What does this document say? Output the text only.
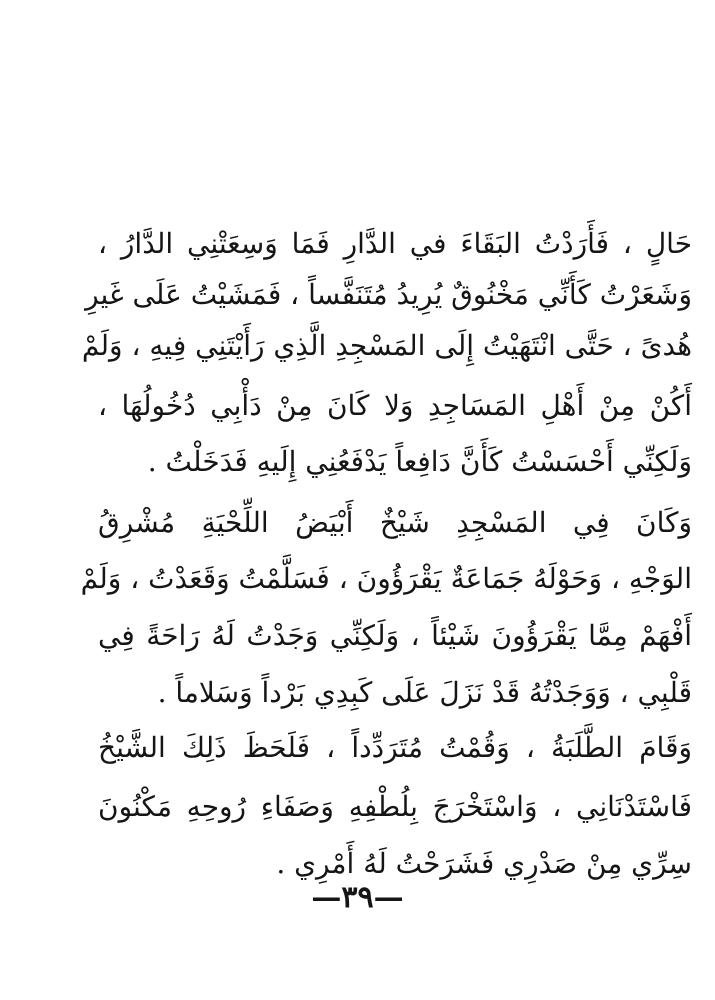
حَالٍ ، فَأَرَدْتُ البَقَاءَ في الدَّارِ فَمَا وَسِعَتْنِي الدَّارُ ،
وَشَعَرْتُ كَأَنِّي مَخْنُوقٌ يُرِيدُ مُتَنَفَّساً ، فَمَشَيْتُ عَلَى غَيرِ
هُدىً ، حَتَّى انْتَهَيْتُ إِلَى المَسْجِدِ الَّذِي رَأَيْتَنِي فِيهِ ، وَلَمْ
أَكُنْ مِنْ أَهْلِ المَسَاجِدِ وَلا كَانَ مِنْ دَأْبِي دُخُولُهَا ،
وَلَكِنِّي أَحْسَسْتُ كَأَنَّ دَافِعاً يَدْفَعُنِي إِلَيهِ فَدَخَلْتُ .
وَكَانَ فِي المَسْجِدِ شَيْخٌ أَبْيَضُ اللِّحْيَةِ مُشْرِقُ
الوَجْهِ ، وَحَوْلَهُ جَمَاعَةٌ يَقْرَؤُونَ ، فَسَلَّمْتُ وَقَعَدْتُ ، وَلَمْ
أَفْهَمْ مِمَّا يَقْرَؤُونَ شَيْئاً ، وَلَكِنِّي وَجَدْتُ لَهُ رَاحَةً فِي
قَلْبِي ، وَوَجَدْتُهُ قَدْ نَزَلَ عَلَى كَبِدِي بَرْداً وَسَلاماً .
وَقَامَ الطَّلَبَةُ ، وَقُمْتُ مُتَرَدِّداً ، فَلَحَظَ ذَلِكَ الشَّيْخُ
فَاسْتَدْنَانِي ، وَاسْتَخْرَجَ بِلُطْفِهِ وَصَفَاءِ رُوحِهِ مَكْنُونَ
سِرِّي مِنْ صَدْرِي فَشَرَحْتُ لَهُ أَمْرِي .
—٣٩—
